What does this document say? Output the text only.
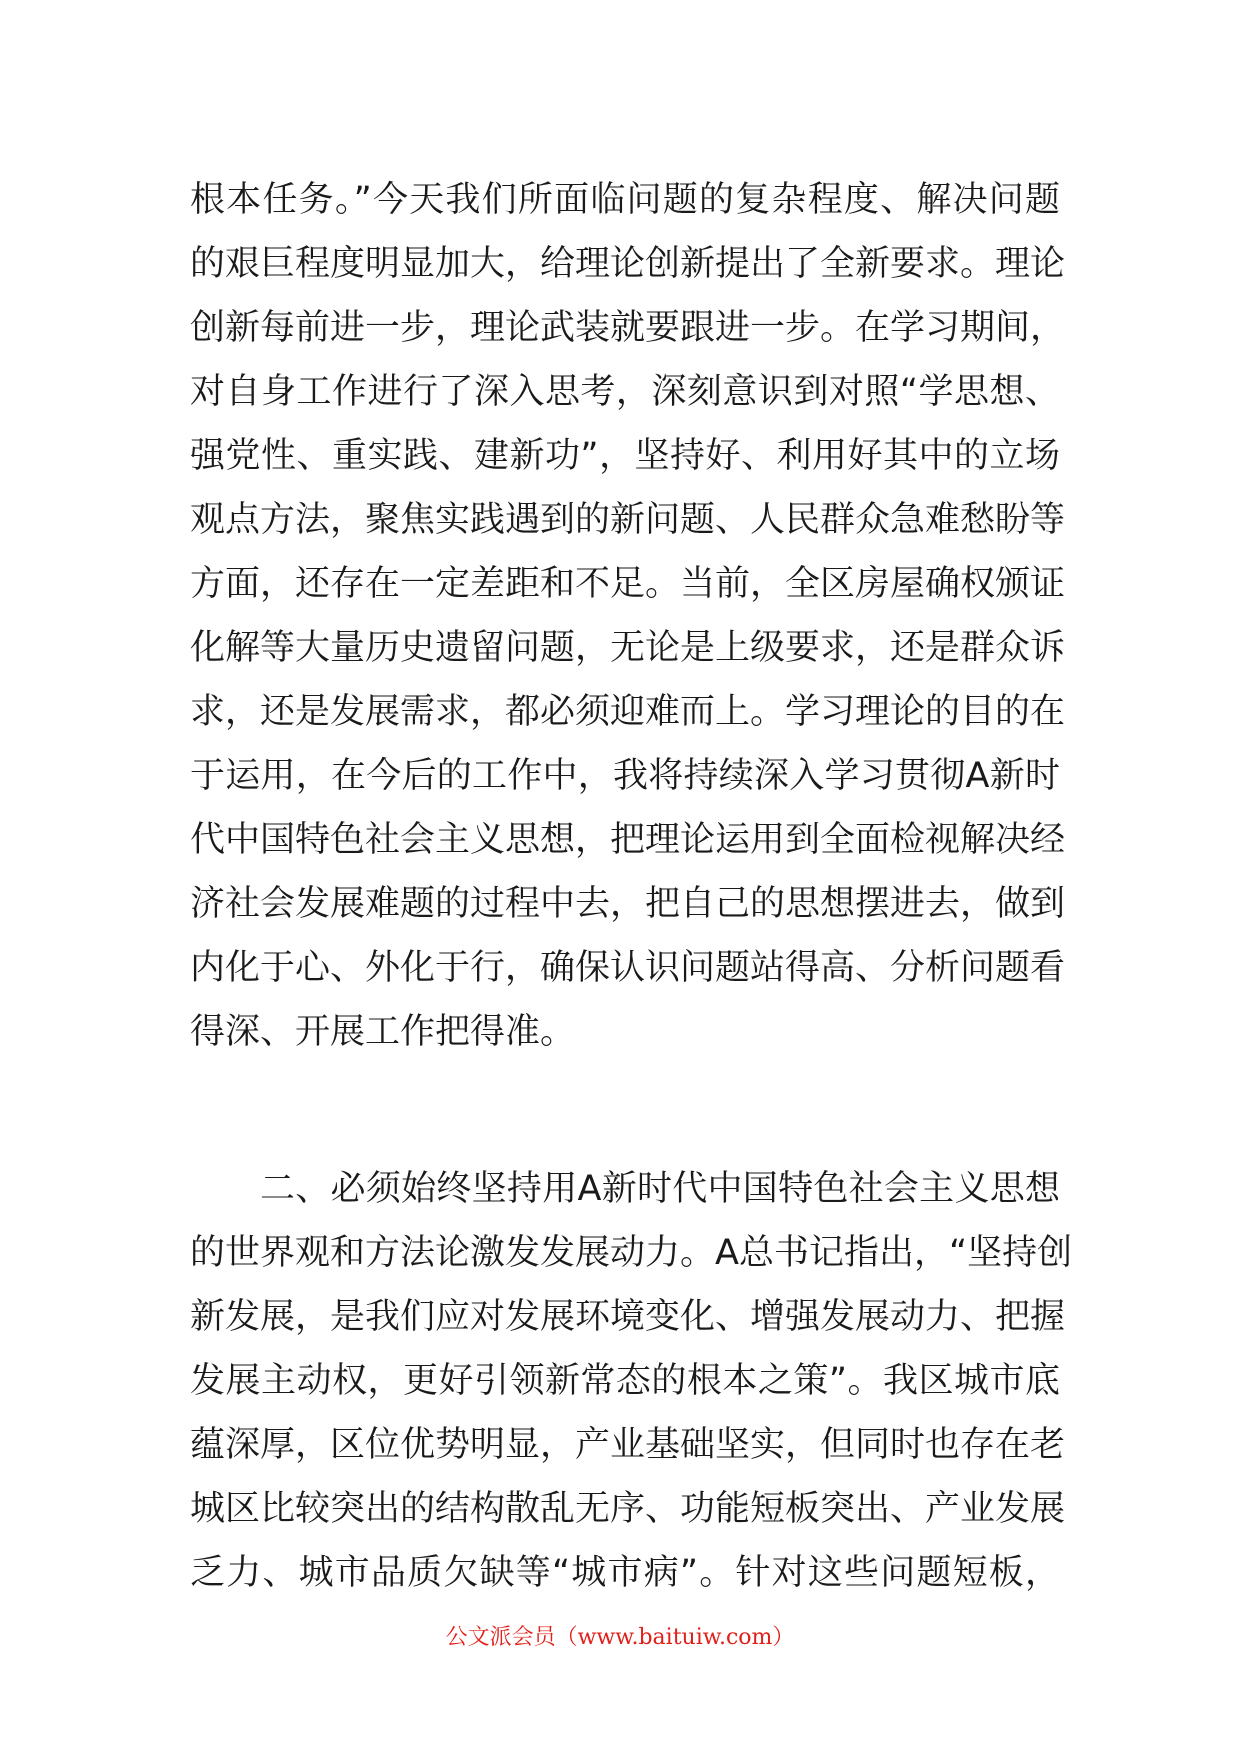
根本任务。”今天我们所面临问题的复杂程度、解决问题
的艰巨程度明显加大，给理论创新提出了全新要求。理论
创新每前进一步，理论武装就要跟进一步。在学习期间，
对自身工作进行了深入思考，深刻意识到对照“学思想、
强党性、重实践、建新功”，坚持好、利用好其中的立场
观点方法，聚焦实践遇到的新问题、人民群众急难愁盼等
方面，还存在一定差距和不足。当前，全区房屋确权颁证
化解等大量历史遗留问题，无论是上级要求，还是群众诉
求，还是发展需求，都必须迎难而上。学习理论的目的在
于运用，在今后的工作中，我将持续深入学习贯彻A新时
代中国特色社会主义思想，把理论运用到全面检视解决经
济社会发展难题的过程中去，把自己的思想摆进去，做到
内化于心、外化于行，确保认识问题站得高、分析问题看
得深、开展工作把得准。
二、必须始终坚持用A新时代中国特色社会主义思想
的世界观和方法论激发发展动力。A总书记指出，“坚持创
新发展，是我们应对发展环境变化、增强发展动力、把握
发展主动权，更好引领新常态的根本之策”。我区城市底
蕴深厚，区位优势明显，产业基础坚实，但同时也存在老
城区比较突出的结构散乱无序、功能短板突出、产业发展
乏力、城市品质欠缺等“城市病”。针对这些问题短板，
公文派会员（www.baituiw.com）
